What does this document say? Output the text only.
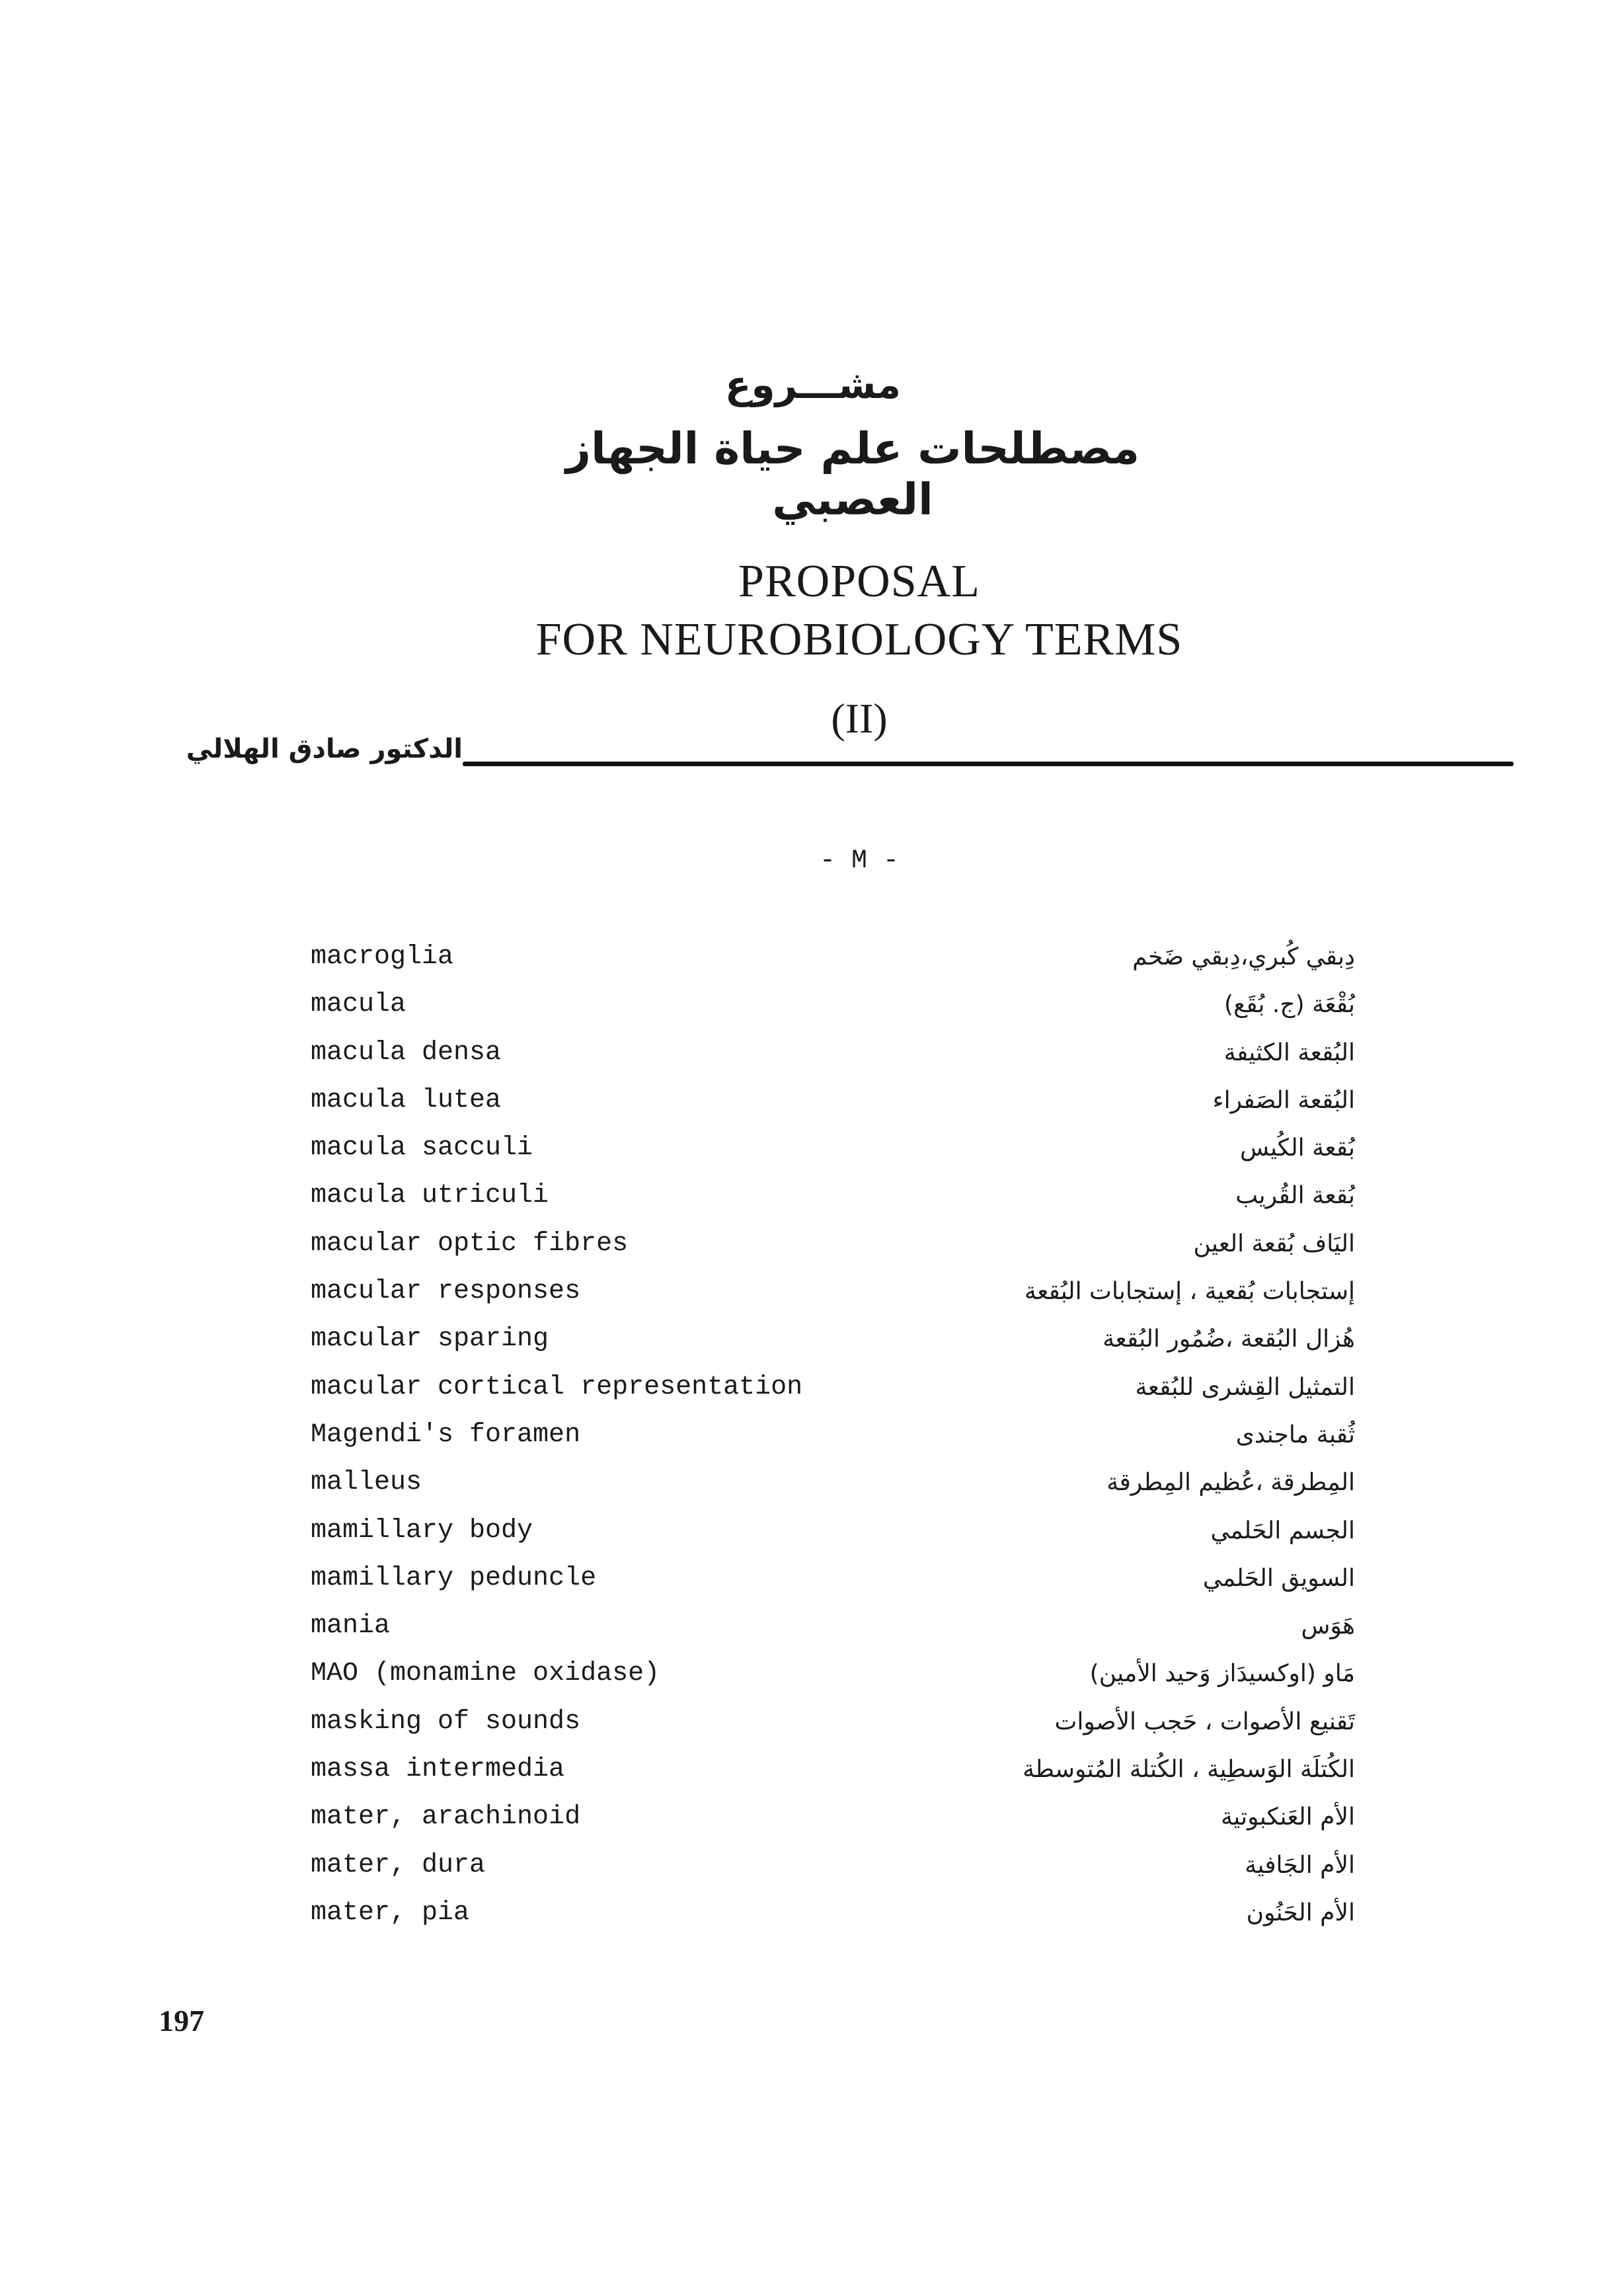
مشـــروع
مصطلحات علم حياة الجهاز العصبي
PROPOSAL
FOR NEUROBIOLOGY TERMS
(II)
الدكتور صادق الهلالي
- M -
macroglia
macula
macula densa
macula lutea
macula sacculi
macula utriculi
macular optic fibres
macular responses
macular sparing
macular cortical representation
Magendi's foramen
malleus
mamillary body
mamillary peduncle
mania
MAO (monamine oxidase)
masking of sounds
massa intermedia
mater, arachinoid
mater, dura
mater, pia
دِبقي كُبري،دِبقي ضَخم
بُقْعَة (ج. بُقَع)
البُقعة الكثيفة
البُقعة الصَفراء
بُقعة الكُيس
بُقعة القُريب
اليَاف بُقعة العين
إستجابات بُقعية ، إستجابات البُقعة
هُزال البُقعة ،ضُمُور البُقعة
التمثيل القِشرى للبُقعة
ثُقبة ماجندى
المِطرقة ،عُظيم المِطرقة
الجسم الحَلمي
السويق الحَلمي
هَوَس
مَاو (اوكسيدَاز وَحيد الأمين)
تَقنيع الأصوات ، حَجب الأصوات
الكُتلَة الوَسطِية ، الكُتلة المُتوسطة
الأم العَنكبوتية
الأم الجَافية
الأم الحَنُون
197
